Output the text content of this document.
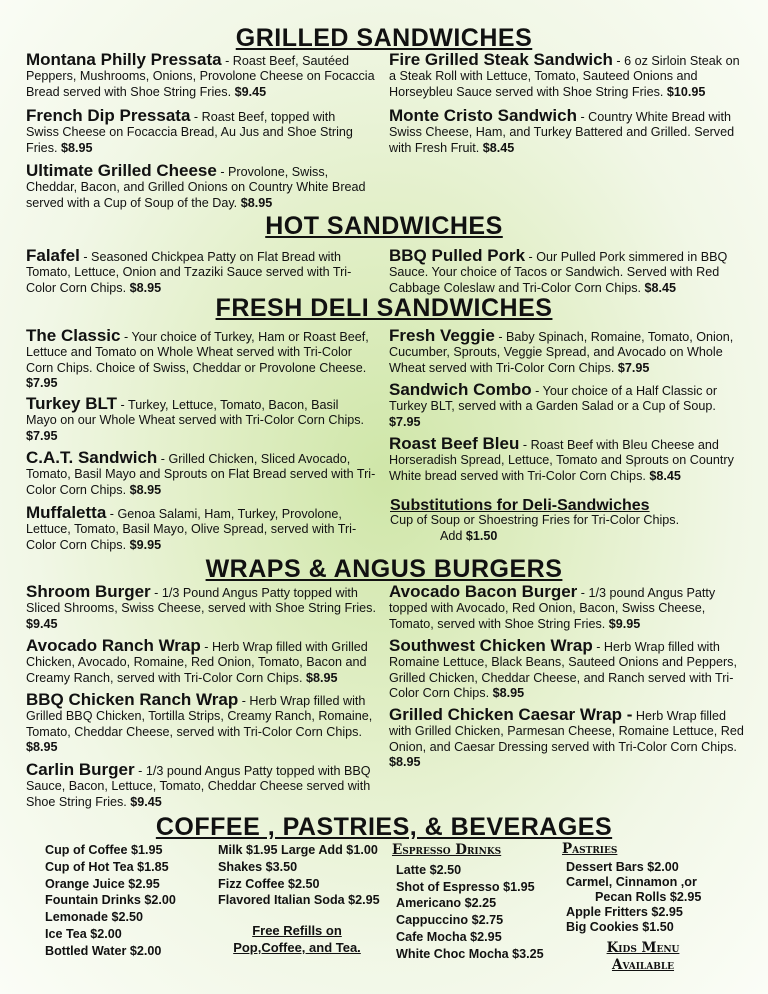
GRILLED SANDWICHES
HOT SANDWICHES
FRESH DELI SANDWICHES
WRAPS & ANGUS BURGERS
COFFEE , PASTRIES, & BEVERAGES
Montana Philly Pressata - Roast Beef, Sautéed Peppers, Mushrooms, Onions, Provolone Cheese on Focaccia Bread served with Shoe String Fries. $9.45
Fire Grilled Steak Sandwich - 6 oz Sirloin Steak on a Steak Roll with Lettuce, Tomato, Sauteed Onions and Horseybleu Sauce served with Shoe String Fries. $10.95
French Dip Pressata - Roast Beef, topped with Swiss Cheese on Focaccia Bread, Au Jus and Shoe String Fries. $8.95
Monte Cristo Sandwich - Country White Bread with Swiss Cheese, Ham, and Turkey Battered and Grilled. Served with Fresh Fruit. $8.45
Ultimate Grilled Cheese - Provolone, Swiss, Cheddar, Bacon, and Grilled Onions on Country White Bread served with a Cup of Soup of the Day. $8.95
Falafel - Seasoned Chickpea Patty on Flat Bread with Tomato, Lettuce, Onion and Tzaziki Sauce served with Tri-Color Corn Chips. $8.95
BBQ Pulled Pork - Our Pulled Pork simmered in BBQ Sauce. Your choice of Tacos or Sandwich. Served with Red Cabbage Coleslaw and Tri-Color Corn Chips. $8.45
The Classic - Your choice of Turkey, Ham or Roast Beef, Lettuce and Tomato on Whole Wheat served with Tri-Color Corn Chips. Choice of Swiss, Cheddar or Provolone Cheese. $7.95
Fresh Veggie - Baby Spinach, Romaine, Tomato, Onion, Cucumber, Sprouts, Veggie Spread, and Avocado on Whole Wheat served with Tri-Color Corn Chips. $7.95
Sandwich Combo - Your choice of a Half Classic or Turkey BLT, served with a Garden Salad or a Cup of Soup. $7.95
Turkey BLT - Turkey, Lettuce, Tomato, Bacon, Basil Mayo on our Whole Wheat served with Tri-Color Corn Chips. $7.95	Roast Beef Bleu - Roast Beef with Bleu Cheese and Horseradish Spread, Lettuce, Tomato and Sprouts on Country White bread served with Tri-Color Corn Chips. $8.45
C.A.T. Sandwich - Grilled Chicken, Sliced Avocado, Tomato, Basil Mayo and Sprouts on Flat Bread served with Tri-Color Corn Chips. $8.95
Substitutions for Deli-Sandwiches
Cup of Soup or Shoestring Fries for Tri-Color Chips.
Add $1.50
Muffaletta - Genoa Salami, Ham, Turkey, Provolone, Lettuce, Tomato, Basil Mayo, Olive Spread, served with Tri-Color Corn Chips. $9.95
Shroom Burger - 1/3 Pound Angus Patty topped with Sliced Shrooms, Swiss Cheese, served with Shoe String Fries. $9.45
Avocado Bacon Burger - 1/3 pound Angus Patty topped with Avocado, Red Onion, Bacon, Swiss Cheese, Tomato, served with Shoe String Fries. $9.95
Avocado Ranch Wrap - Herb Wrap filled with Grilled Chicken, Avocado, Romaine, Red Onion, Tomato, Bacon and Creamy Ranch, served with Tri-Color Corn Chips. $8.95
Southwest Chicken Wrap - Herb Wrap filled with Romaine Lettuce, Black Beans, Sauteed Onions and Peppers, Grilled Chicken, Cheddar Cheese, and Ranch served with Tri-Color Corn Chips. $8.95
BBQ Chicken Ranch Wrap - Herb Wrap filled with Grilled BBQ Chicken, Tortilla Strips, Creamy Ranch, Romaine, Tomato, Cheddar Cheese, served with Tri-Color Corn Chips. $8.95
Grilled Chicken Caesar Wrap - Herb Wrap filled with Grilled Chicken, Parmesan Cheese, Romaine Lettuce, Red Onion, and Caesar Dressing served with Tri-Color Corn Chips. $8.95
Carlin Burger - 1/3 pound Angus Patty topped with BBQ Sauce, Bacon, Lettuce, Tomato, Cheddar Cheese served with Shoe String Fries. $9.45
Cup of Coffee $1.95
Cup of Hot Tea $1.85
Orange Juice $2.95
Fountain Drinks $2.00
Lemonade $2.50
Ice Tea $2.00
Bottled Water $2.00
Milk $1.95 Large Add $1.00
Shakes $3.50
Fizz Coffee $2.50
Flavored Italian Soda $2.95
Free Refills on
Pop,Coffee, and Tea.
Espresso Drinks
Latte $2.50
Shot of Espresso $1.95
Americano $2.25
Cappuccino $2.75
Cafe Mocha $2.95
White Choc Mocha $3.25
Pastries
Dessert Bars $2.00
Carmel, Cinnamon ,or
Pecan Rolls $2.95
Apple Fritters $2.95
Big Cookies $1.50
Kids Menu
Available
